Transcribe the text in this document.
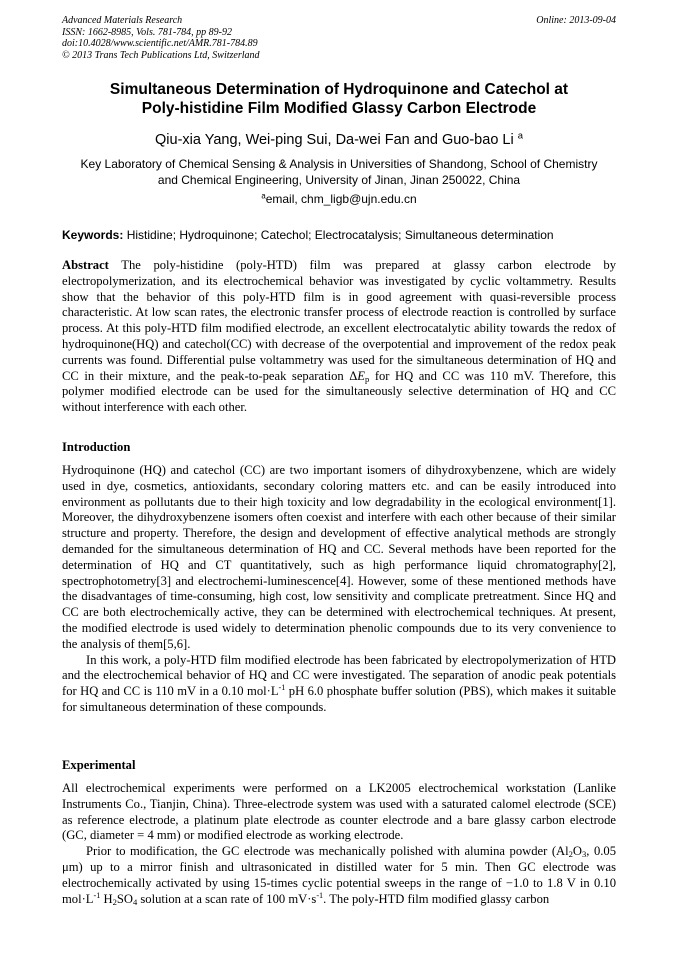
Advanced Materials Research
ISSN: 1662-8985, Vols. 781-784, pp 89-92
doi:10.4028/www.scientific.net/AMR.781-784.89
© 2013 Trans Tech Publications Ltd, Switzerland
Online: 2013-09-04
Simultaneous Determination of Hydroquinone and Catechol at
Poly-histidine Film Modified Glassy Carbon Electrode
Qiu-xia Yang, Wei-ping Sui, Da-wei Fan and Guo-bao Li $^a$
Key Laboratory of Chemical Sensing & Analysis in Universities of Shandong, School of Chemistry
and Chemical Engineering, University of Jinan, Jinan 250022, China
$^a$email, chm_ligb@ujn.edu.cn
Keywords: Histidine; Hydroquinone; Catechol; Electrocatalysis; Simultaneous determination
Abstract The poly-histidine (poly-HTD) film was prepared at glassy carbon electrode by electropolymerization, and its electrochemical behavior was investigated by cyclic voltammetry. Results show that the behavior of this poly-HTD film is in good agreement with quasi-reversible process characteristic. At low scan rates, the electronic transfer process of electrode reaction is controlled by surface process. At this poly-HTD film modified electrode, an excellent electrocatalytic ability towards the redox of hydroquinone(HQ) and catechol(CC) with decrease of the overpotential and improvement of the redox peak currents was found. Differential pulse voltammetry was used for the simultaneous determination of HQ and CC in their mixture, and the peak-to-peak separation $\Delta E_p$ for HQ and CC was 110 mV. Therefore, this polymer modified electrode can be used for the simultaneously selective determination of HQ and CC without interference with each other.
Introduction

Hydroquinone (HQ) and catechol (CC) are two important isomers of dihydroxybenzene, which are widely used in dye, cosmetics, antioxidants, secondary coloring matters etc. and can be easily introduced into environment as pollutants due to their high toxicity and low degradability in the ecological environment[1]. Moreover, the dihydroxybenzene isomers often coexist and interfere with each other because of their similar structure and property. Therefore, the design and development of effective analytical methods are strongly demanded for the simultaneous determination of HQ and CC. Several methods have been reported for the determination of HQ and CT quantitatively, such as high performance liquid chromatography[2], spectrophotometry[3] and electrochemi-luminescence[4]. However, some of these mentioned methods have the disadvantages of time-consuming, high cost, low sensitivity and complicate pretreatment. Since HQ and CC are both electrochemically active, they can be determined with electrochemical techniques. At present, the modified electrode is used widely to determination phenolic compounds due to its very convenience to the analysis of them[5,6].

In this work, a poly-HTD film modified electrode has been fabricated by electropolymerization of HTD and the electrochemical behavior of HQ and CC were investigated. The separation of anodic peak potentials for HQ and CC is 110 mV in a 0.10 $mol\cdot L^{-1}$ pH 6.0 phosphate buffer solution (PBS), which makes it suitable for simultaneous determination of these compounds.

Experimental

All electrochemical experiments were performed on a LK2005 electrochemical workstation (Lanlike Instruments Co., Tianjin, China). Three-electrode system was used with a saturated calomel electrode (SCE) as reference electrode, a platinum plate electrode as counter electrode and a bare glassy carbon electrode (GC, diameter = 4 mm) or modified electrode as working electrode.

Prior to modification, the GC electrode was mechanically polished with alumina powder ($Al_2O_3$, 0.05 μm) up to a mirror finish and ultrasonicated in distilled water for 5 min. Then GC electrode was electrochemically activated by using 15-times cyclic potential sweeps in the range of −1.0 to 1.8 V in 0.10 $mol\cdot L^{-1}$ $H_2SO_4$ solution at a scan rate of 100 $mV\cdot s^{-1}$. The poly-HTD film modified glassy carbon
